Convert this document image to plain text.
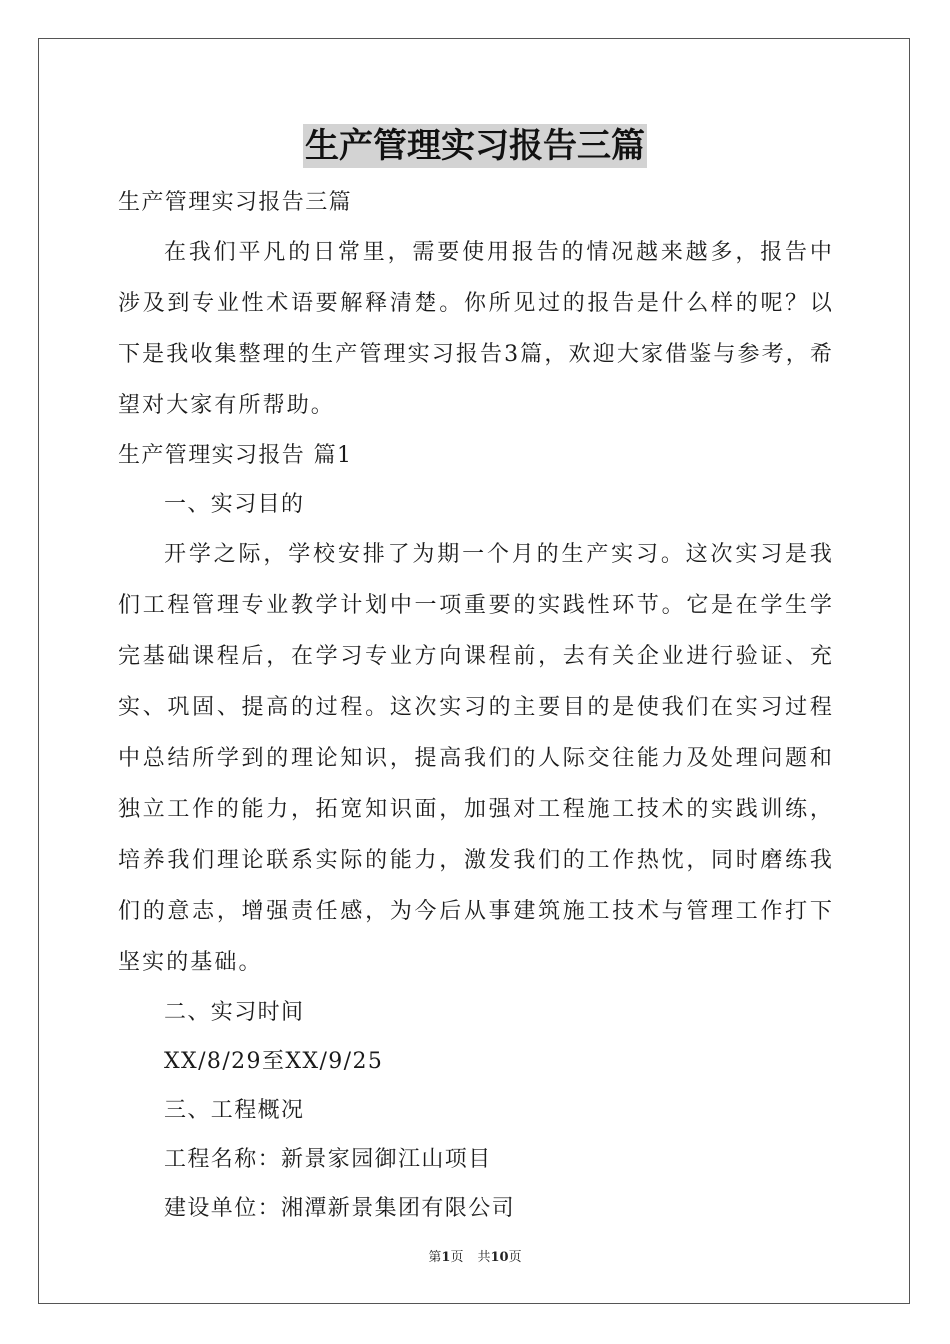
生产管理实习报告三篇

生产管理实习报告三篇

在我们平凡的日常里，需要使用报告的情况越来越多，报告中涉及到专业性术语要解释清楚。你所见过的报告是什么样的呢？以下是我收集整理的生产管理实习报告3篇，欢迎大家借鉴与参考，希望对大家有所帮助。

生产管理实习报告 篇1

一、实习目的

开学之际，学校安排了为期一个月的生产实习。这次实习是我们工程管理专业教学计划中一项重要的实践性环节。它是在学生学完基础课程后，在学习专业方向课程前，去有关企业进行验证、充实、巩固、提高的过程。这次实习的主要目的是使我们在实习过程中总结所学到的理论知识，提高我们的人际交往能力及处理问题和独立工作的能力，拓宽知识面，加强对工程施工技术的实践训练，培养我们理论联系实际的能力，激发我们的工作热忱，同时磨练我们的意志，增强责任感，为今后从事建筑施工技术与管理工作打下坚实的基础。

二、实习时间

XX/8/29至XX/9/25

三、工程概况

工程名称：新景家园御江山项目

建设单位：湘潭新景集团有限公司

第1页 共10页
